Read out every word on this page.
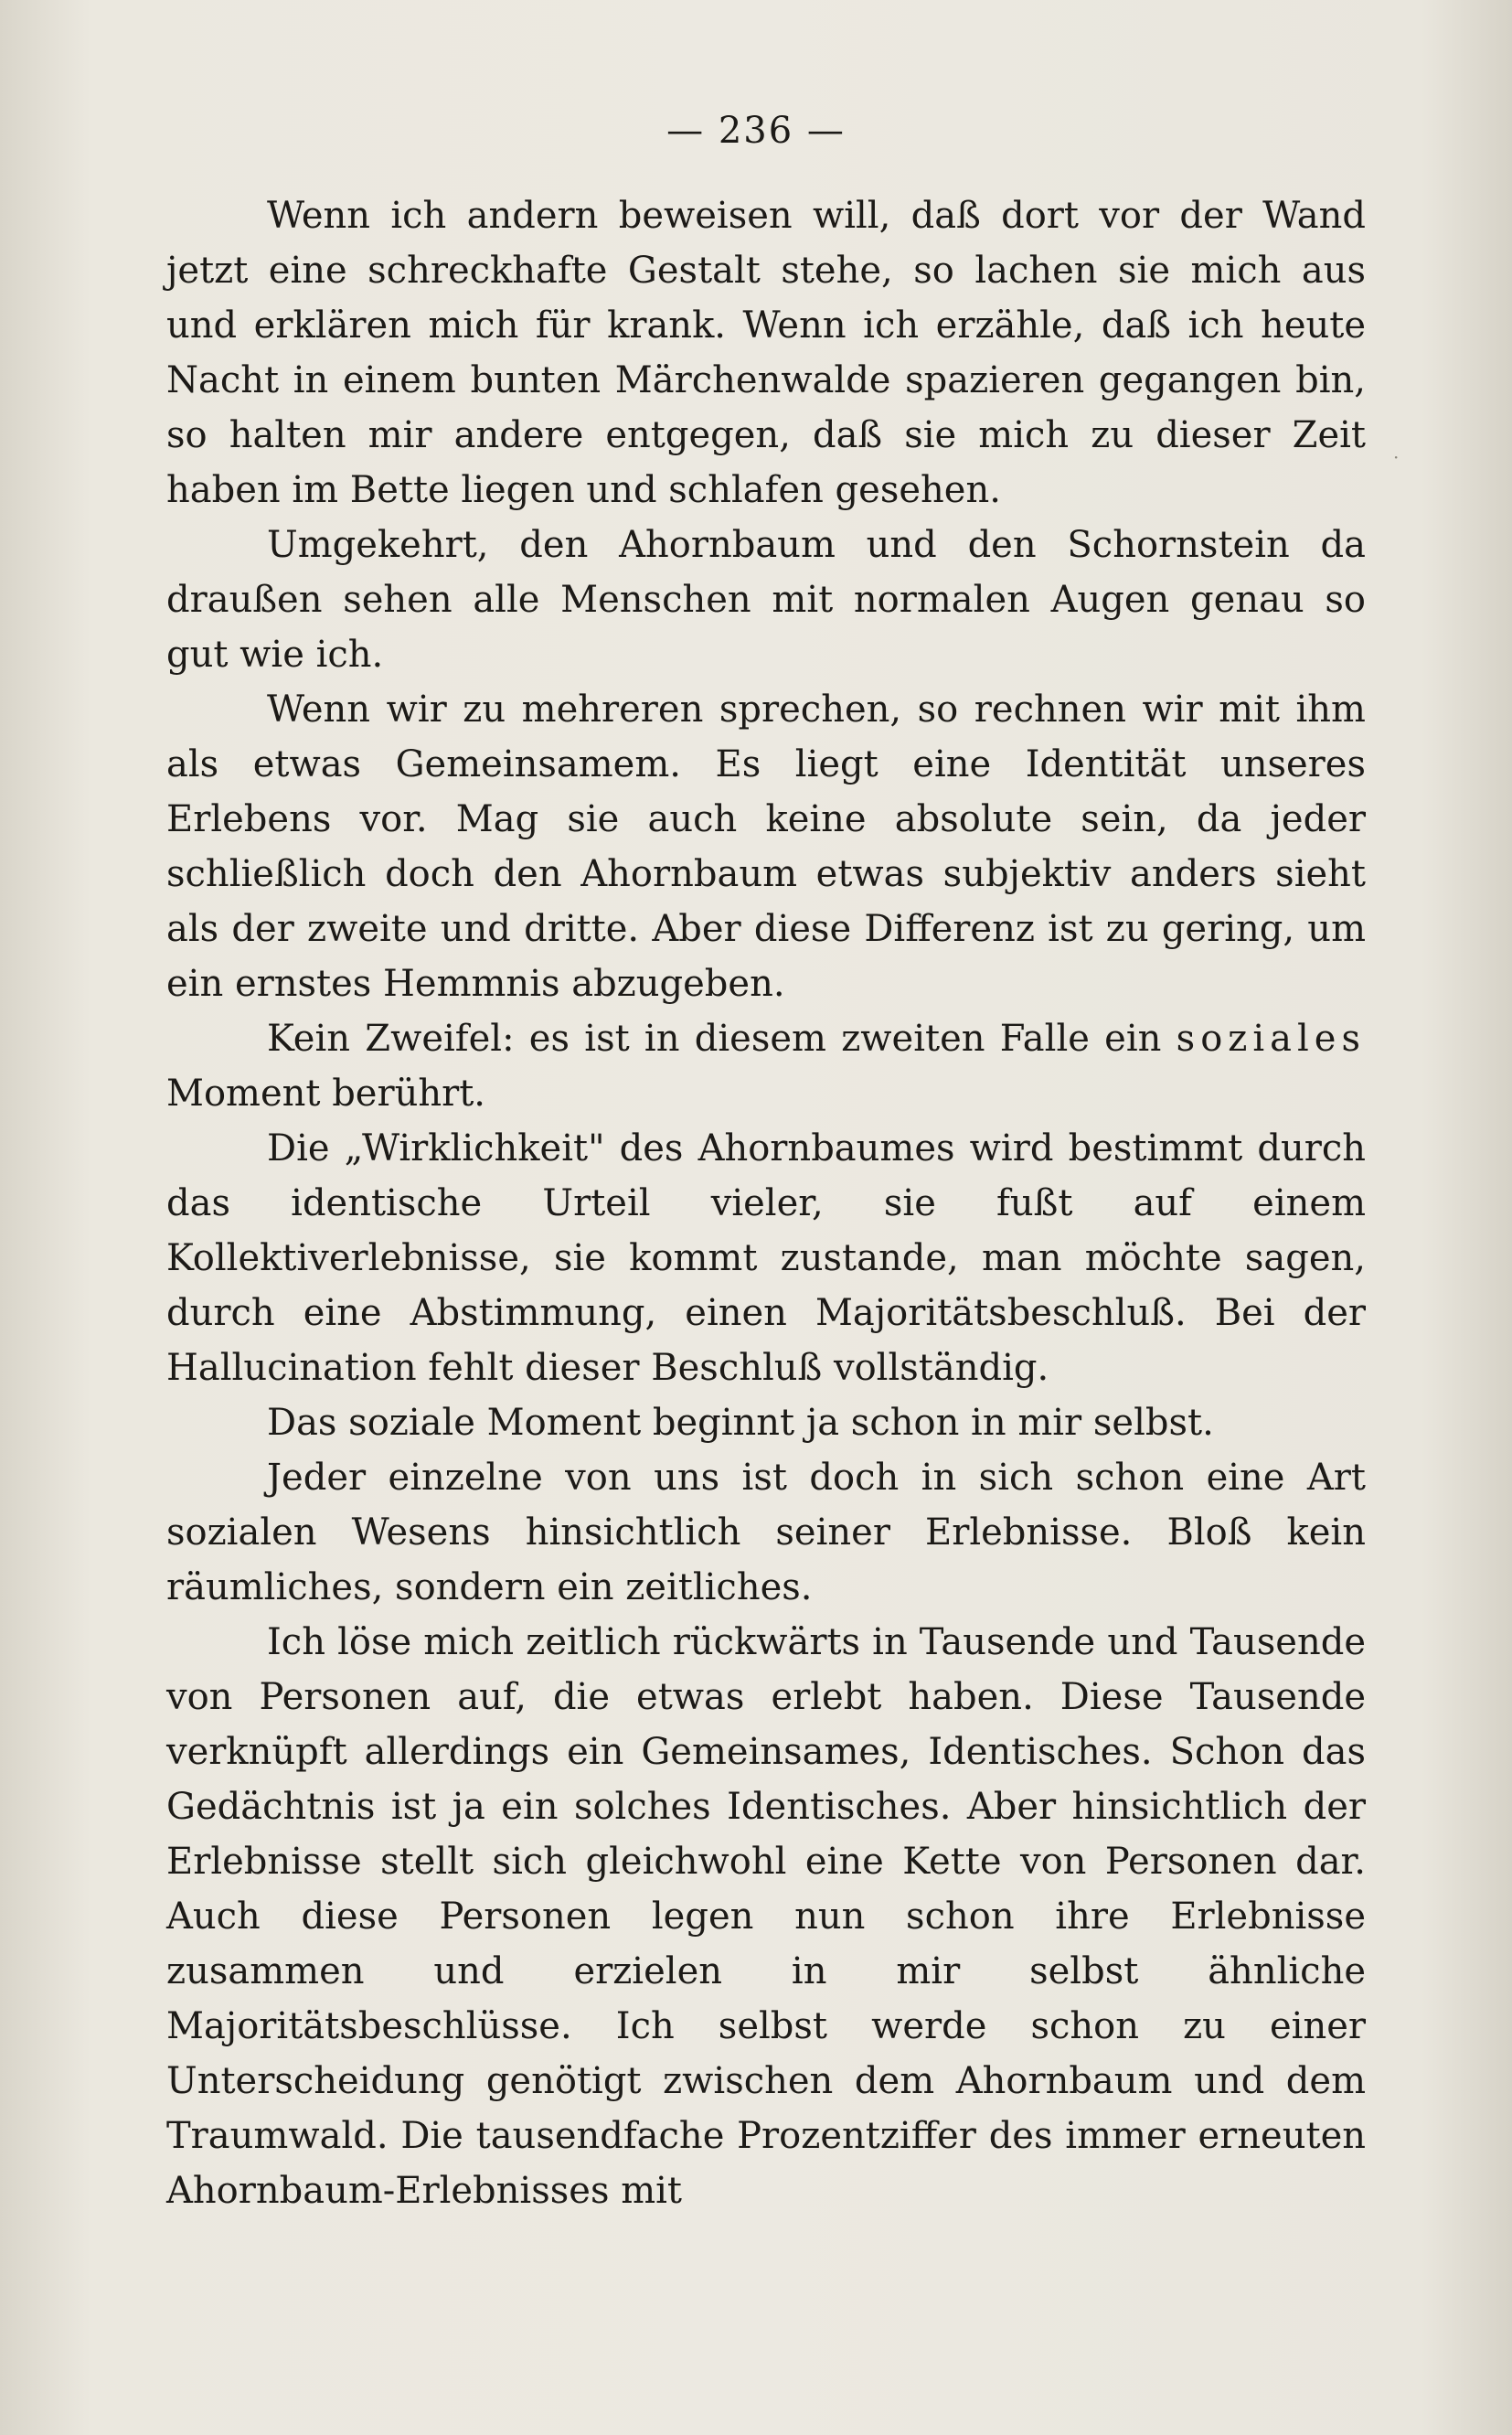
— 236 —

Wenn ich andern beweisen will, daß dort vor der Wand jetzt eine schreckhafte Gestalt stehe, so lachen sie mich aus und erklären mich für krank. Wenn ich erzähle, daß ich heute Nacht in einem bunten Märchenwalde spazieren gegangen bin, so halten mir andere entgegen, daß sie mich zu dieser Zeit haben im Bette liegen und schlafen gesehen.

Umgekehrt, den Ahornbaum und den Schornstein da draußen sehen alle Menschen mit normalen Augen genau so gut wie ich.

Wenn wir zu mehreren sprechen, so rechnen wir mit ihm als etwas Gemeinsamem. Es liegt eine Identität unseres Erlebens vor. Mag sie auch keine absolute sein, da jeder schließlich doch den Ahornbaum etwas subjektiv anders sieht als der zweite und dritte. Aber diese Differenz ist zu gering, um ein ernstes Hemmnis abzugeben.

Kein Zweifel: es ist in diesem zweiten Falle ein soziales Moment berührt.

Die „Wirklichkeit" des Ahornbaumes wird bestimmt durch das identische Urteil vieler, sie fußt auf einem Kollektiverlebnisse, sie kommt zustande, man möchte sagen, durch eine Abstimmung, einen Majoritätsbeschluß. Bei der Hallucination fehlt dieser Beschluß vollständig.

Das soziale Moment beginnt ja schon in mir selbst.

Jeder einzelne von uns ist doch in sich schon eine Art sozialen Wesens hinsichtlich seiner Erlebnisse. Bloß kein räumliches, sondern ein zeitliches.

Ich löse mich zeitlich rückwärts in Tausende und Tausende von Personen auf, die etwas erlebt haben. Diese Tausende verknüpft allerdings ein Gemeinsames, Identisches. Schon das Gedächtnis ist ja ein solches Identisches. Aber hinsichtlich der Erlebnisse stellt sich gleichwohl eine Kette von Personen dar. Auch diese Personen legen nun schon ihre Erlebnisse zusammen und erzielen in mir selbst ähnliche Majoritätsbeschlüsse. Ich selbst werde schon zu einer Unterscheidung genötigt zwischen dem Ahornbaum und dem Traumwald. Die tausendfache Prozentziffer des immer erneuten Ahornbaum-Erlebnisses mit

·
